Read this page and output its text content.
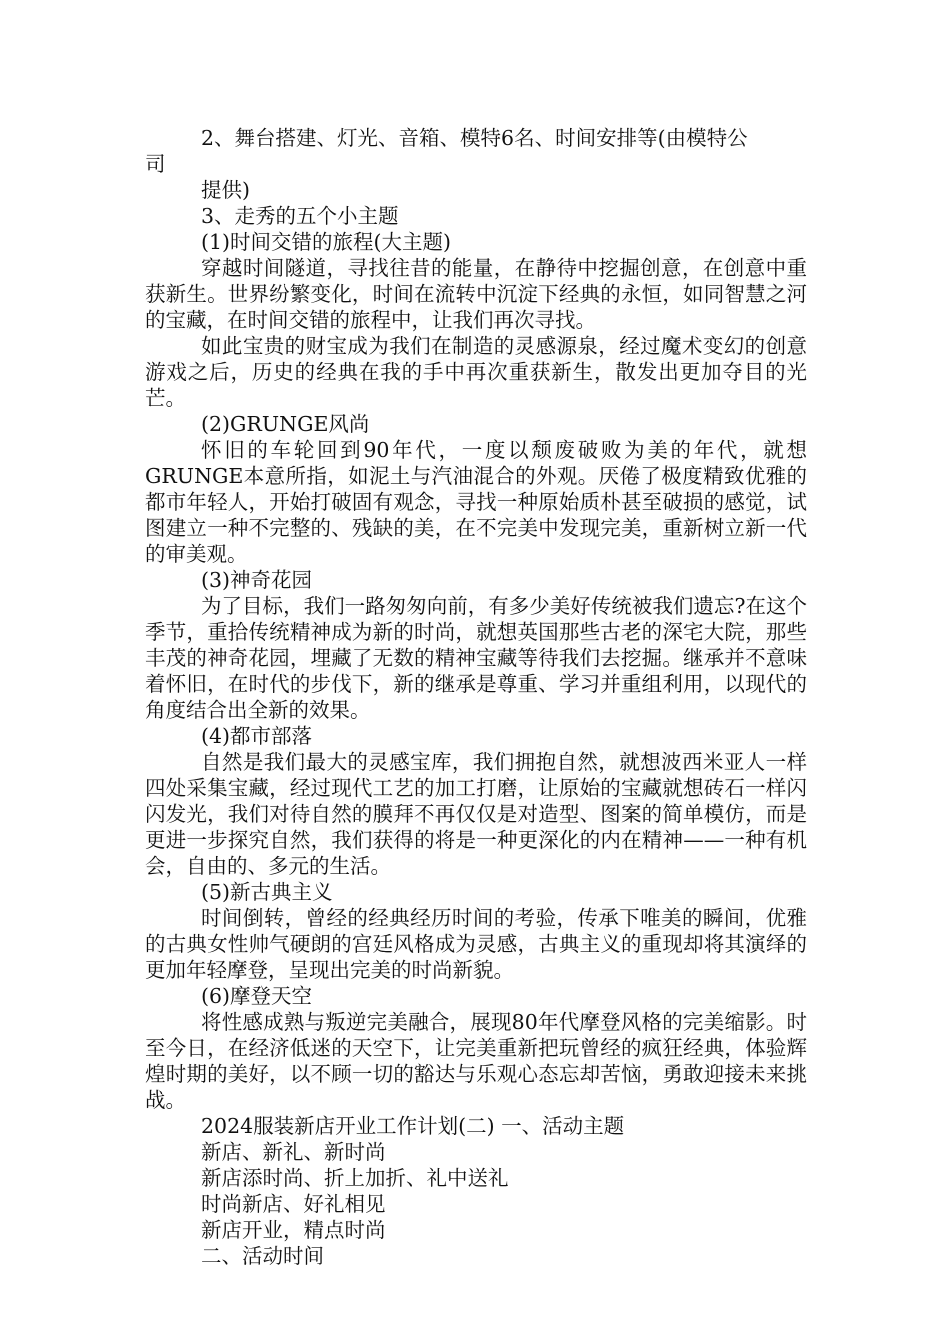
2、舞台搭建、灯光、音箱、模特6名、时间安排等(由模特公

司

提供)

3、走秀的五个小主题

(1)时间交错的旅程(大主题)

穿越时间隧道，寻找往昔的能量，在静待中挖掘创意，在创意中重获新生。世界纷繁变化，时间在流转中沉淀下经典的永恒，如同智慧之河的宝藏，在时间交错的旅程中，让我们再次寻找。

如此宝贵的财宝成为我们在制造的灵感源泉，经过魔术变幻的创意游戏之后，历史的经典在我的手中再次重获新生，散发出更加夺目的光芒。

(2)GRUNGE风尚

怀旧的车轮回到90年代，一度以颓废破败为美的年代，就想GRUNGE本意所指，如泥土与汽油混合的外观。厌倦了极度精致优雅的都市年轻人，开始打破固有观念，寻找一种原始质朴甚至破损的感觉，试图建立一种不完整的、残缺的美，在不完美中发现完美，重新树立新一代的审美观。

(3)神奇花园

为了目标，我们一路匆匆向前，有多少美好传统被我们遗忘?在这个季节，重拾传统精神成为新的时尚，就想英国那些古老的深宅大院，那些丰茂的神奇花园，埋藏了无数的精神宝藏等待我们去挖掘。继承并不意味着怀旧，在时代的步伐下，新的继承是尊重、学习并重组利用，以现代的角度结合出全新的效果。

(4)都市部落

自然是我们最大的灵感宝库，我们拥抱自然，就想波西米亚人一样四处采集宝藏，经过现代工艺的加工打磨，让原始的宝藏就想砖石一样闪闪发光，我们对待自然的膜拜不再仅仅是对造型、图案的简单模仿，而是更进一步探究自然，我们获得的将是一种更深化的内在精神——一种有机会，自由的、多元的生活。

(5)新古典主义

时间倒转，曾经的经典经历时间的考验，传承下唯美的瞬间，优雅的古典女性帅气硬朗的宫廷风格成为灵感，古典主义的重现却将其演绎的更加年轻摩登，呈现出完美的时尚新貌。

(6)摩登天空

将性感成熟与叛逆完美融合，展现80年代摩登风格的完美缩影。时至今日，在经济低迷的天空下，让完美重新把玩曾经的疯狂经典，体验辉煌时期的美好，以不顾一切的豁达与乐观心态忘却苦恼，勇敢迎接未来挑战。

2024服装新店开业工作计划(二) 一、活动主题

新店、新礼、新时尚

新店添时尚、折上加折、礼中送礼

时尚新店、好礼相见

新店开业，精点时尚

二、活动时间
